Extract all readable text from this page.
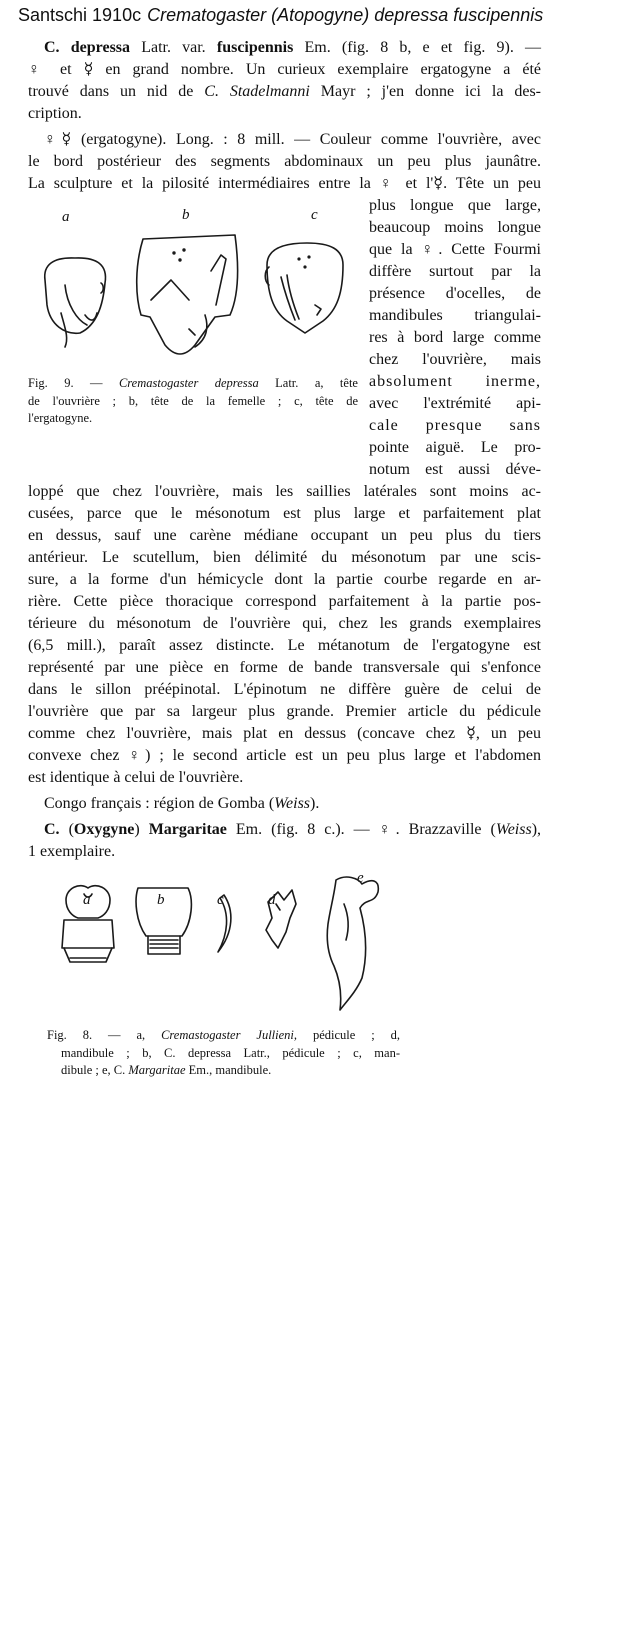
Santschi 1910c Crematogaster (Atopogyne) depressa fuscipennis
C. depressa Latr. var. fuscipennis Em. (fig. 8 b, e et fig. 9). —
♀ et ☿ en grand nombre. Un curieux exemplaire ergatogyne a été
trouvé dans un nid de C. Stadelmanni Mayr ; j'en donne ici la des-
cription.
♀☿ (ergatogyne). Long. : 8 mill. — Couleur comme l'ouvrière, avec
le bord postérieur des segments abdominaux un peu plus jaunâtre.
La sculpture et la pilosité intermédiaires entre la ♀ et l'☿. Tête un peu
plus longue que large,
beaucoup moins longue
que la ♀. Cette Fourmi
diffère surtout par la
présence d'ocelles, de
mandibules triangulai-
res à bord large comme
chez l'ouvrière, mais
absolument inerme,
avec l'extrémité api-
cale presque sans
pointe aiguë. Le pro-
notum est aussi déve-
loppé que chez l'ouvrière, mais les saillies latérales sont moins ac-
cusées, parce que le mésonotum est plus large et parfaitement plat
en dessus, sauf une carène médiane occupant un peu plus du tiers
antérieur. Le scutellum, bien délimité du mésonotum par une scis-
sure, a la forme d'un hémicycle dont la partie courbe regarde en ar-
rière. Cette pièce thoracique correspond parfaitement à la partie pos-
térieure du mésonotum de l'ouvrière qui, chez les grands exemplaires
(6,5 mill.), paraît assez distincte. Le métanotum de l'ergatogyne est
représenté par une pièce en forme de bande transversale qui s'enfonce
dans le sillon préépinotal. L'épinotum ne diffère guère de celui de
l'ouvrière que par sa largeur plus grande. Premier article du pédicule
comme chez l'ouvrière, mais plat en dessus (concave chez ☿, un peu
convexe chez ♀) ; le second article est un peu plus large et l'abdomen
est identique à celui de l'ouvrière.
a	b	c
Fig. 9. — Cremastogaster depressa Latr. a, tête
de l'ouvrière ; b, tête de la femelle ; c, tête de
l'ergatogyne.
Congo français : région de Gomba (Weiss).
C. (Oxygyne) Margaritae Em. (fig. 8 c.). — ♀. Brazzaville (Weiss),
1 exemplaire.
a	b	c	d
e
Fig. 8. — a, Cremastogaster Jullieni, pédicule ; d,
mandibule ; b, C. depressa Latr., pédicule ; c, man-
dibule ; e, C. Margaritae Em., mandibule.
